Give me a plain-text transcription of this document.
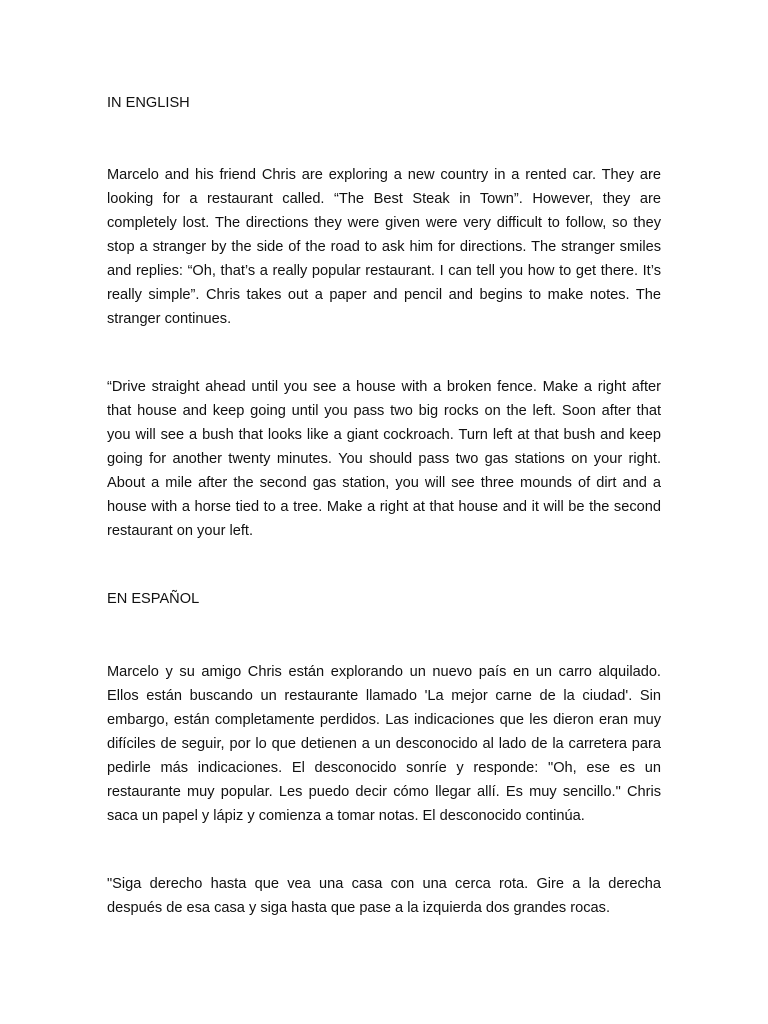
IN ENGLISH

Marcelo and his friend Chris are exploring a new country in a rented car. They are looking for a restaurant called. “The Best Steak in Town”. However, they are completely lost. The directions they were given were very difficult to follow, so they stop a stranger by the side of the road to ask him for directions. The stranger smiles and replies: “Oh, that’s a really popular restaurant. I can tell you how to get there. It’s really simple”. Chris takes out a paper and pencil and begins to make notes. The stranger continues.

“Drive straight ahead until you see a house with a broken fence. Make a right after that house and keep going until you pass two big rocks on the left. Soon after that you will see a bush that looks like a giant cockroach. Turn left at that bush and keep going for another twenty minutes. You should pass two gas stations on your right. About a mile after the second gas station, you will see three mounds of dirt and a house with a horse tied to a tree. Make a right at that house and it will be the second restaurant on your left.

EN ESPAÑOL

Marcelo y su amigo Chris están explorando un nuevo país en un carro alquilado. Ellos están buscando un restaurante llamado 'La mejor carne de la ciudad'. Sin embargo, están completamente perdidos. Las indicaciones que les dieron eran muy difíciles de seguir, por lo que detienen a un desconocido al lado de la carretera para pedirle más indicaciones. El desconocido sonríe y responde: "Oh, ese es un restaurante muy popular. Les puedo decir cómo llegar allí. Es muy sencillo." Chris saca un papel y lápiz y comienza a tomar notas. El desconocido continúa.

"Siga derecho hasta que vea una casa con una cerca rota. Gire a la derecha después de esa casa y siga hasta que pase a la izquierda dos grandes rocas.
